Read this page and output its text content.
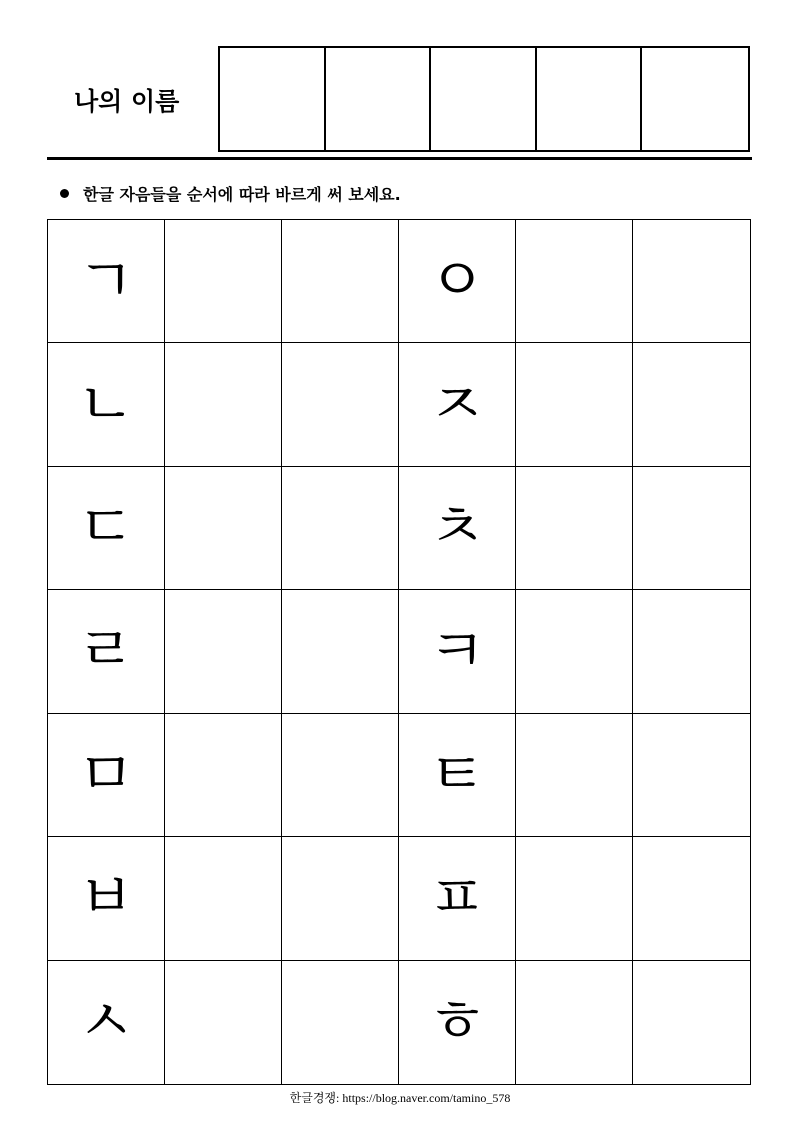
나의 이름
한글 자음들을 순서에 따라 바르게 써 보세요.
ㄱ	ㅇ
ㄴ	ㅈ
ㄷ	ㅊ
ㄹ	ㅋ
ㅁ	ㅌ
ㅂ	ㅍ
ㅅ	ㅎ
한글경쟁: https://blog.naver.com/tamino_578
